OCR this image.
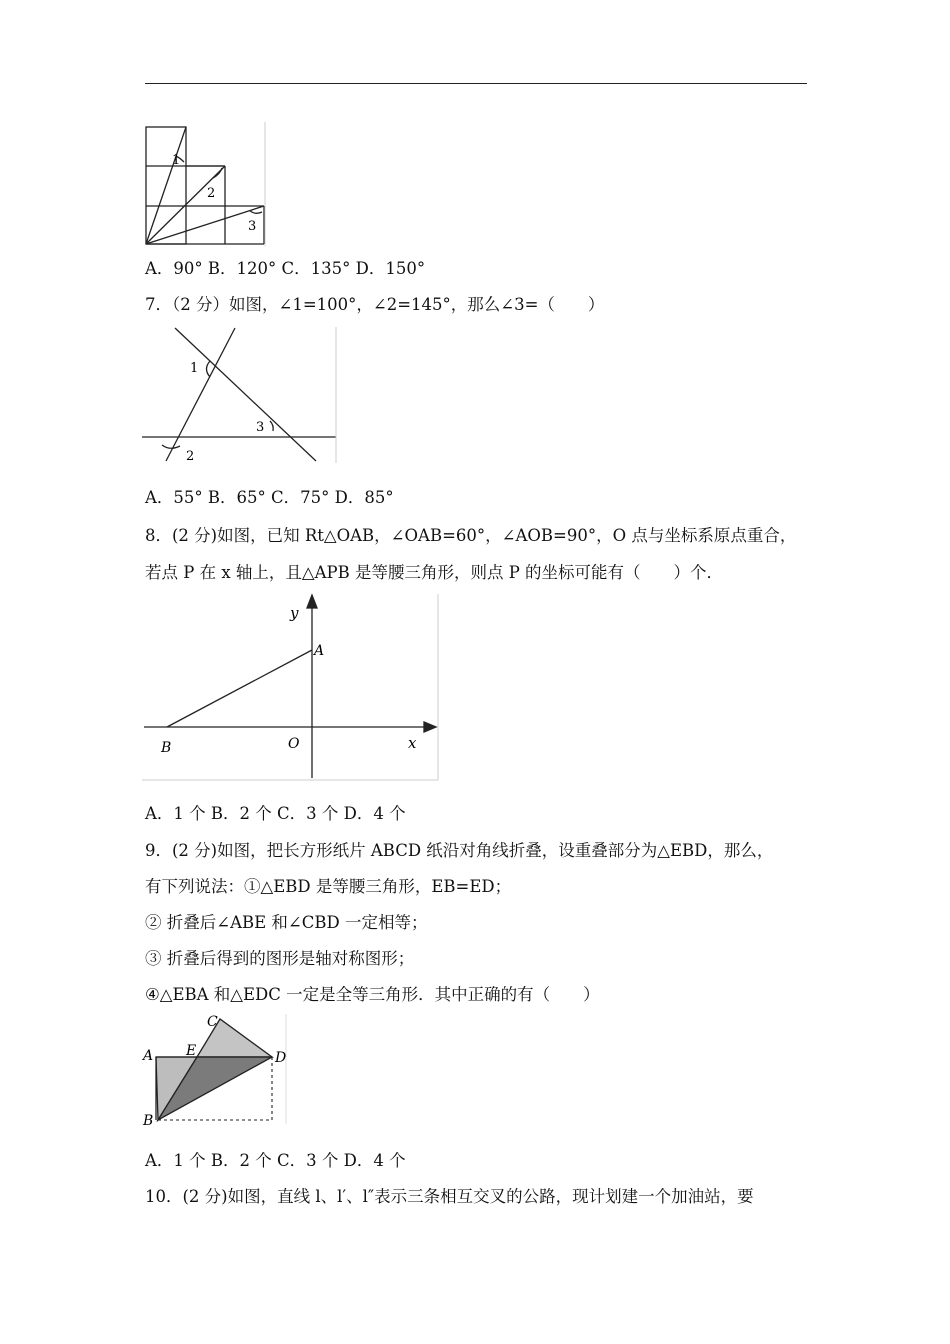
1
2
3
A．90° B．120° C．135° D．150°
7．（2 分）如图，∠1=100°，∠2=145°，那么∠3=（　　）
1
3
2
A．55° B．65° C．75° D．85°
8．(2 分)如图，已知 Rt△OAB，∠OAB=60°，∠AOB=90°，O 点与坐标系原点重合，
若点 P 在 x 轴上，且△APB 是等腰三角形，则点 P 的坐标可能有（　　）个．
y
A
B	O	x
A．1 个 B．2 个 C．3 个 D．4 个
9．(2 分)如图，把长方形纸片 ABCD 纸沿对角线折叠，设重叠部分为△EBD，那么，
有下列说法：①△EBD 是等腰三角形，EB=ED；
② 折叠后∠ABE 和∠CBD 一定相等；
③ 折叠后得到的图形是轴对称图形；
④△EBA 和△EDC 一定是全等三角形．其中正确的有（　　）
A E
C
D
B
A．1 个 B．2 个 C．3 个 D．4 个
10．(2 分)如图，直线 l、l′、l″表示三条相互交叉的公路，现计划建一个加油站，要
